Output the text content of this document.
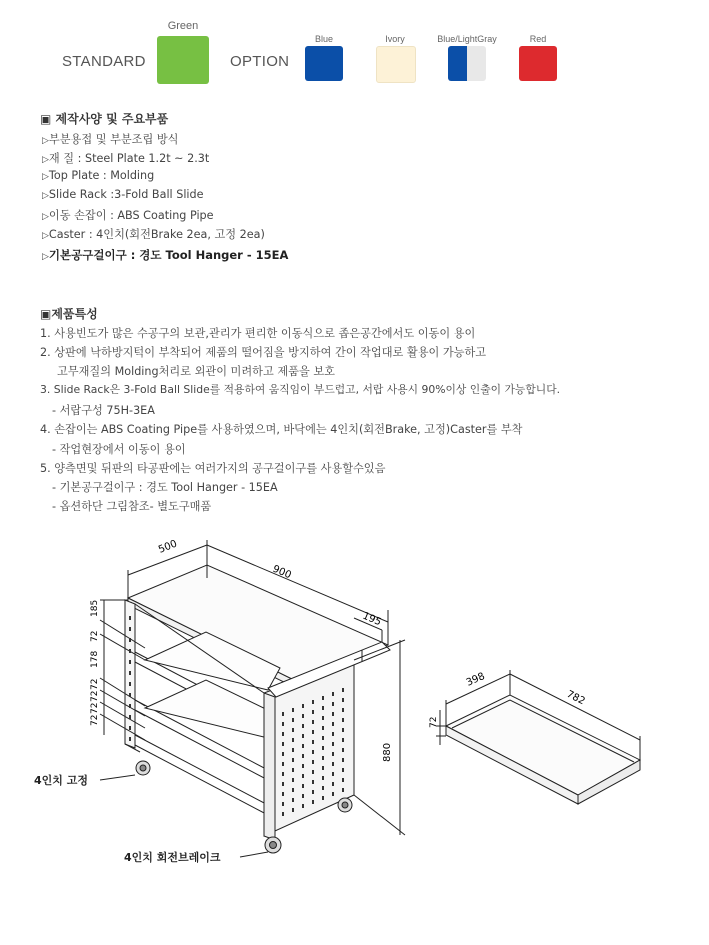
STANDARD
Green
OPTION
Blue	Ivory	Blue/LightGray	Red
▣ 제작사양 및 주요부품
▷부분용접 및 부분조립 방식
▷재 질 : Steel Plate 1.2t ~ 2.3t
▷Top Plate : Molding
▷Slide Rack :3-Fold Ball Slide
▷이동 손잡이 : ABS Coating Pipe
▷Caster : 4인치(회전Brake 2ea, 고정 2ea)
▷기본공구걸이구 : 경도 Tool Hanger - 15EA
▣제품특성
1. 사용빈도가 많은 수공구의 보관,관리가 편리한 이동식으로 좁은공간에서도 이동이 용이
2. 상판에 낙하방지턱이 부착되어 제품의 떨어짐을 방지하여 간이 작업대로 활용이 가능하고
고무재질의 Molding처리로 외관이 미려하고 제품을 보호
3. Slide Rack은 3-Fold Ball Slide를 적용하여 움직임이 부드럽고, 서랍 사용시 90%이상 인출이 가능합니다.
- 서랍구성 75H-3EA
4. 손잡이는 ABS Coating Pipe를 사용하였으며, 바닥에는 4인치(회전Brake, 고정)Caster를 부착
- 작업현장에서 이동이 용이
5. 양측면및 뒤판의 타공판에는 여러가지의 공구걸이구를 사용할수있음
- 기본공구걸이구 : 경도 Tool Hanger - 15EA
- 옵션하단 그림참조- 별도구매품
500
900
195
880
185
72
178
72
72
72
72
398
782
72
4인치 고정
4인치 회전브레이크
